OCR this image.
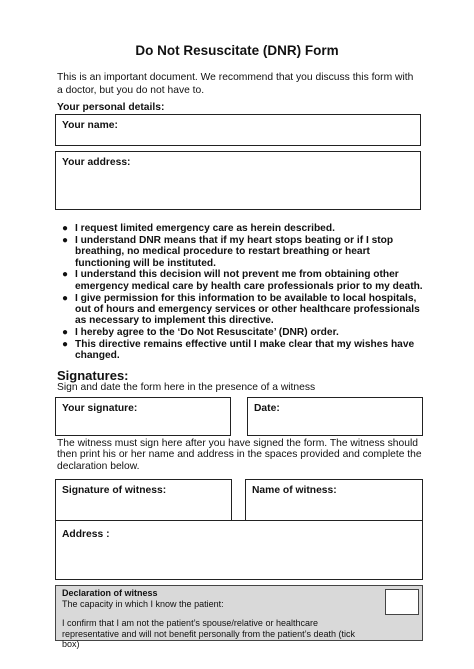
Do Not Resuscitate (DNR) Form
This is an important document. We recommend that you discuss this form with a doctor, but you do not have to.
Your personal details:
Your name:
Your address:
● I request limited emergency care as herein described.
● I understand DNR means that if my heart stops beating or if I stop breathing, no medical procedure to restart breathing or heart functioning will be instituted.
● I understand this decision will not prevent me from obtaining other emergency medical care by health care professionals prior to my death.
● I give permission for this information to be available to local hospitals, out of hours and emergency services or other healthcare professionals as necessary to implement this directive.
● I hereby agree to the ‘Do Not Resuscitate’ (DNR) order.
● This directive remains effective until I make clear that my wishes have changed.
Signatures:
Sign and date the form here in the presence of a witness
Your signature:	Date:
The witness must sign here after you have signed the form. The witness should then print his or her name and address in the spaces provided and complete the declaration below.
Signature of witness:	Name of witness:
Address :
Declaration of witness
The capacity in which I know the patient:
I confirm that I am not the patient’s spouse/relative or healthcare representative and will not benefit personally from the patient’s death (tick box)
